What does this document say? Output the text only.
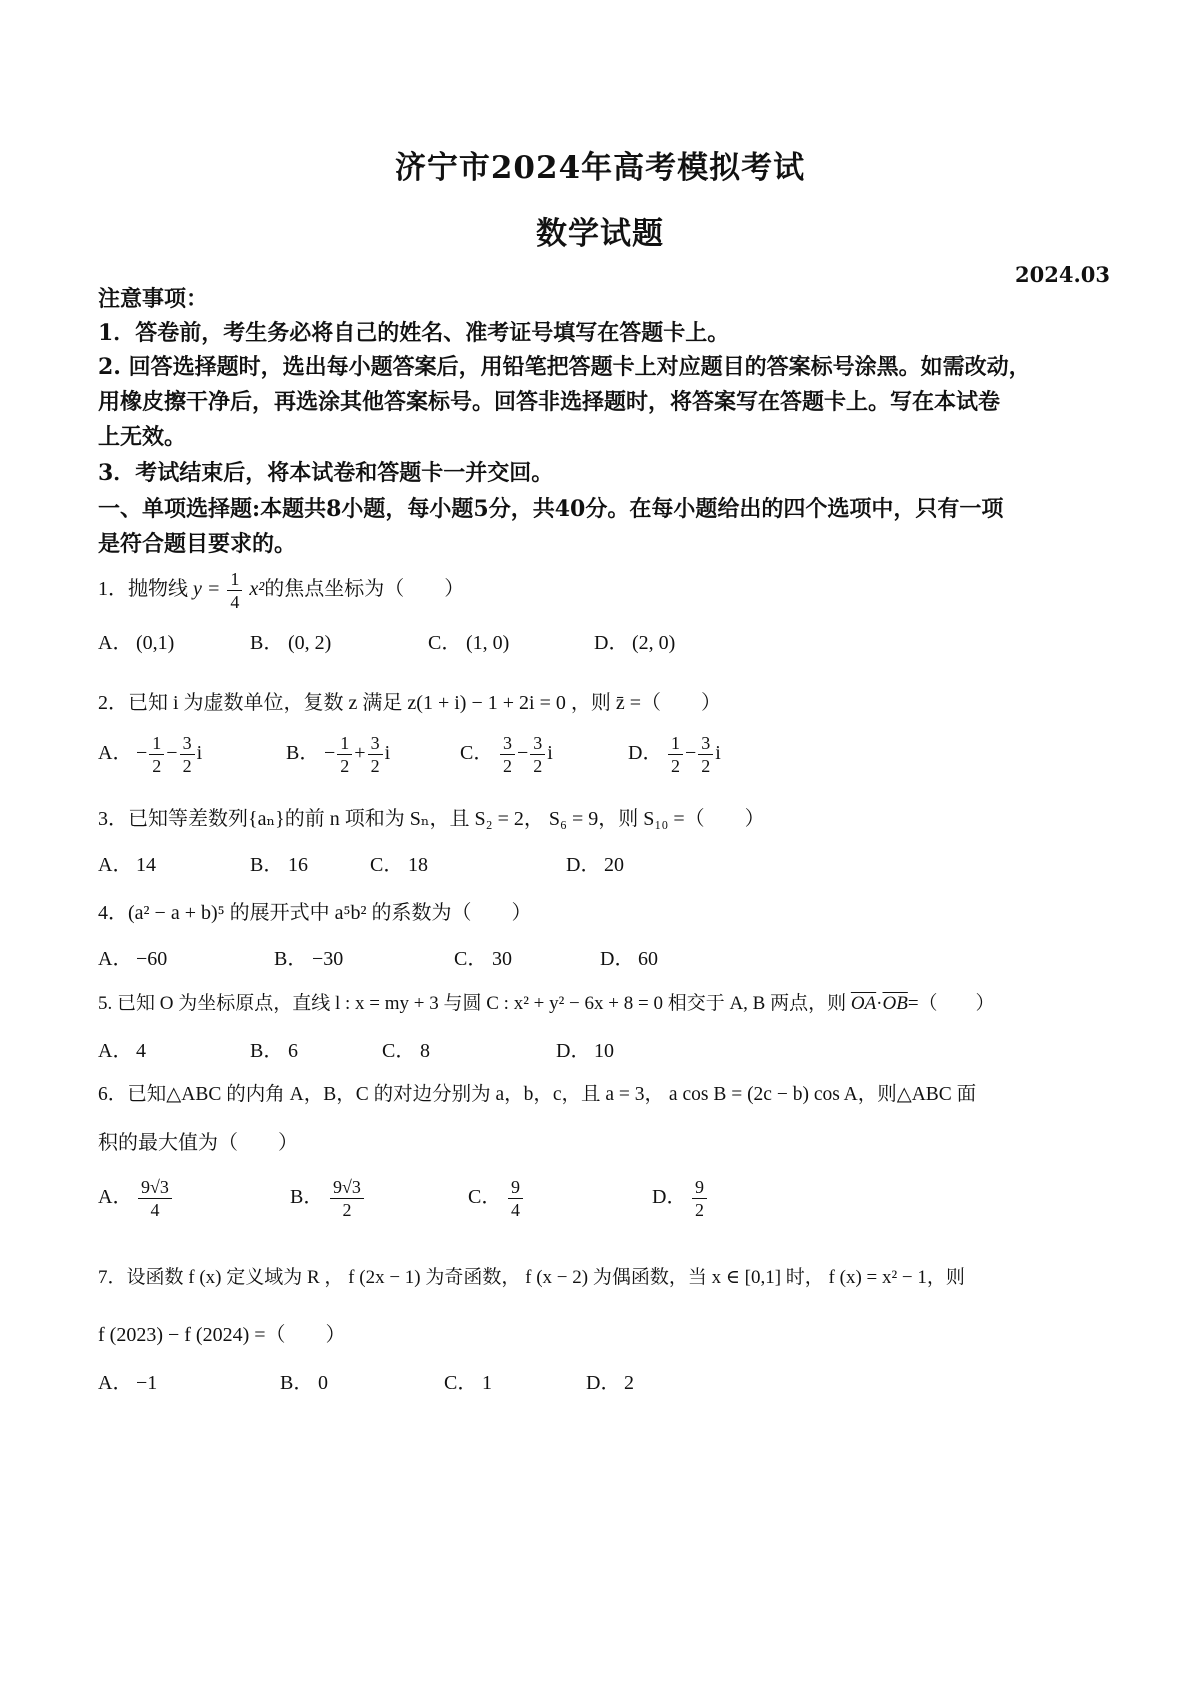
济宁市2024年高考模拟考试
数学试题
2024.03
注意事项：
1．答卷前，考生务必将自己的姓名、准考证号填写在答题卡上。
2. 回答选择题时，选出每小题答案后，用铅笔把答题卡上对应题目的答案标号涂黑。如需改动，
用橡皮擦干净后，再选涂其他答案标号。回答非选择题时，将答案写在答题卡上。写在本试卷
上无效。
3．考试结束后，将本试卷和答题卡一并交回。
一、单项选择题:本题共8小题，每小题5分，共40分。在每小题给出的四个选项中，只有一项
是符合题目要求的。
1．抛物线 $y = \frac{1}{4} x^2$的焦点坐标为（　　）
A． (0,1)	B． (0, 2)	C． (1, 0)	D． (2, 0)
2．已知 i 为虚数单位，复数 z 满足 z(1 + i) − 1 + 2i = 0 ，则 z̄ =（　　）
A． − $\frac{1}{2} - \frac{3}{2}$ i	B． − $\frac{1}{2} + \frac{3}{2}$ i	C． $\frac{3}{2} - \frac{3}{2}$ i	D． $\frac{1}{2} - \frac{3}{2}$ i
3．已知等差数列{aₙ}的前 n 项和为 Sₙ，且 S₂ = 2， S₆ = 9，则 S₁₀ =（　　）
A． 14	B． 16	C． 18	D． 20
4．(a² − a + b)⁵ 的展开式中 a⁵b² 的系数为（　　）
A． −60	B． −30	C． 30	D． 60
5. 已知 O 为坐标原点，直线 l : x = my + 3 与圆 C : x² + y² − 6x + 8 = 0 相交于 A, B 两点，则 $\overline{OA}\cdot\overline{OB}=$（　　）
A． 4	B． 6	C． 8	D． 10
6．已知△ABC 的内角 A，B，C 的对边分别为 a，b，c，且 a = 3， a cos B = (2c − b) cos A，则△ABC 面
积的最大值为（　　）
A． $\frac{9√3}{4}$	B． $\frac{9√3}{2}$	C． $\frac{9}{4}$	D． $\frac{9}{2}$
7．设函数 f (x) 定义域为 R ， f (2x − 1) 为奇函数， f (x − 2) 为偶函数，当 x ∈ [0,1] 时， f (x) = x² − 1，则
f (2023) − f (2024) =（　　）
A． −1	B． 0	C． 1	D． 2
